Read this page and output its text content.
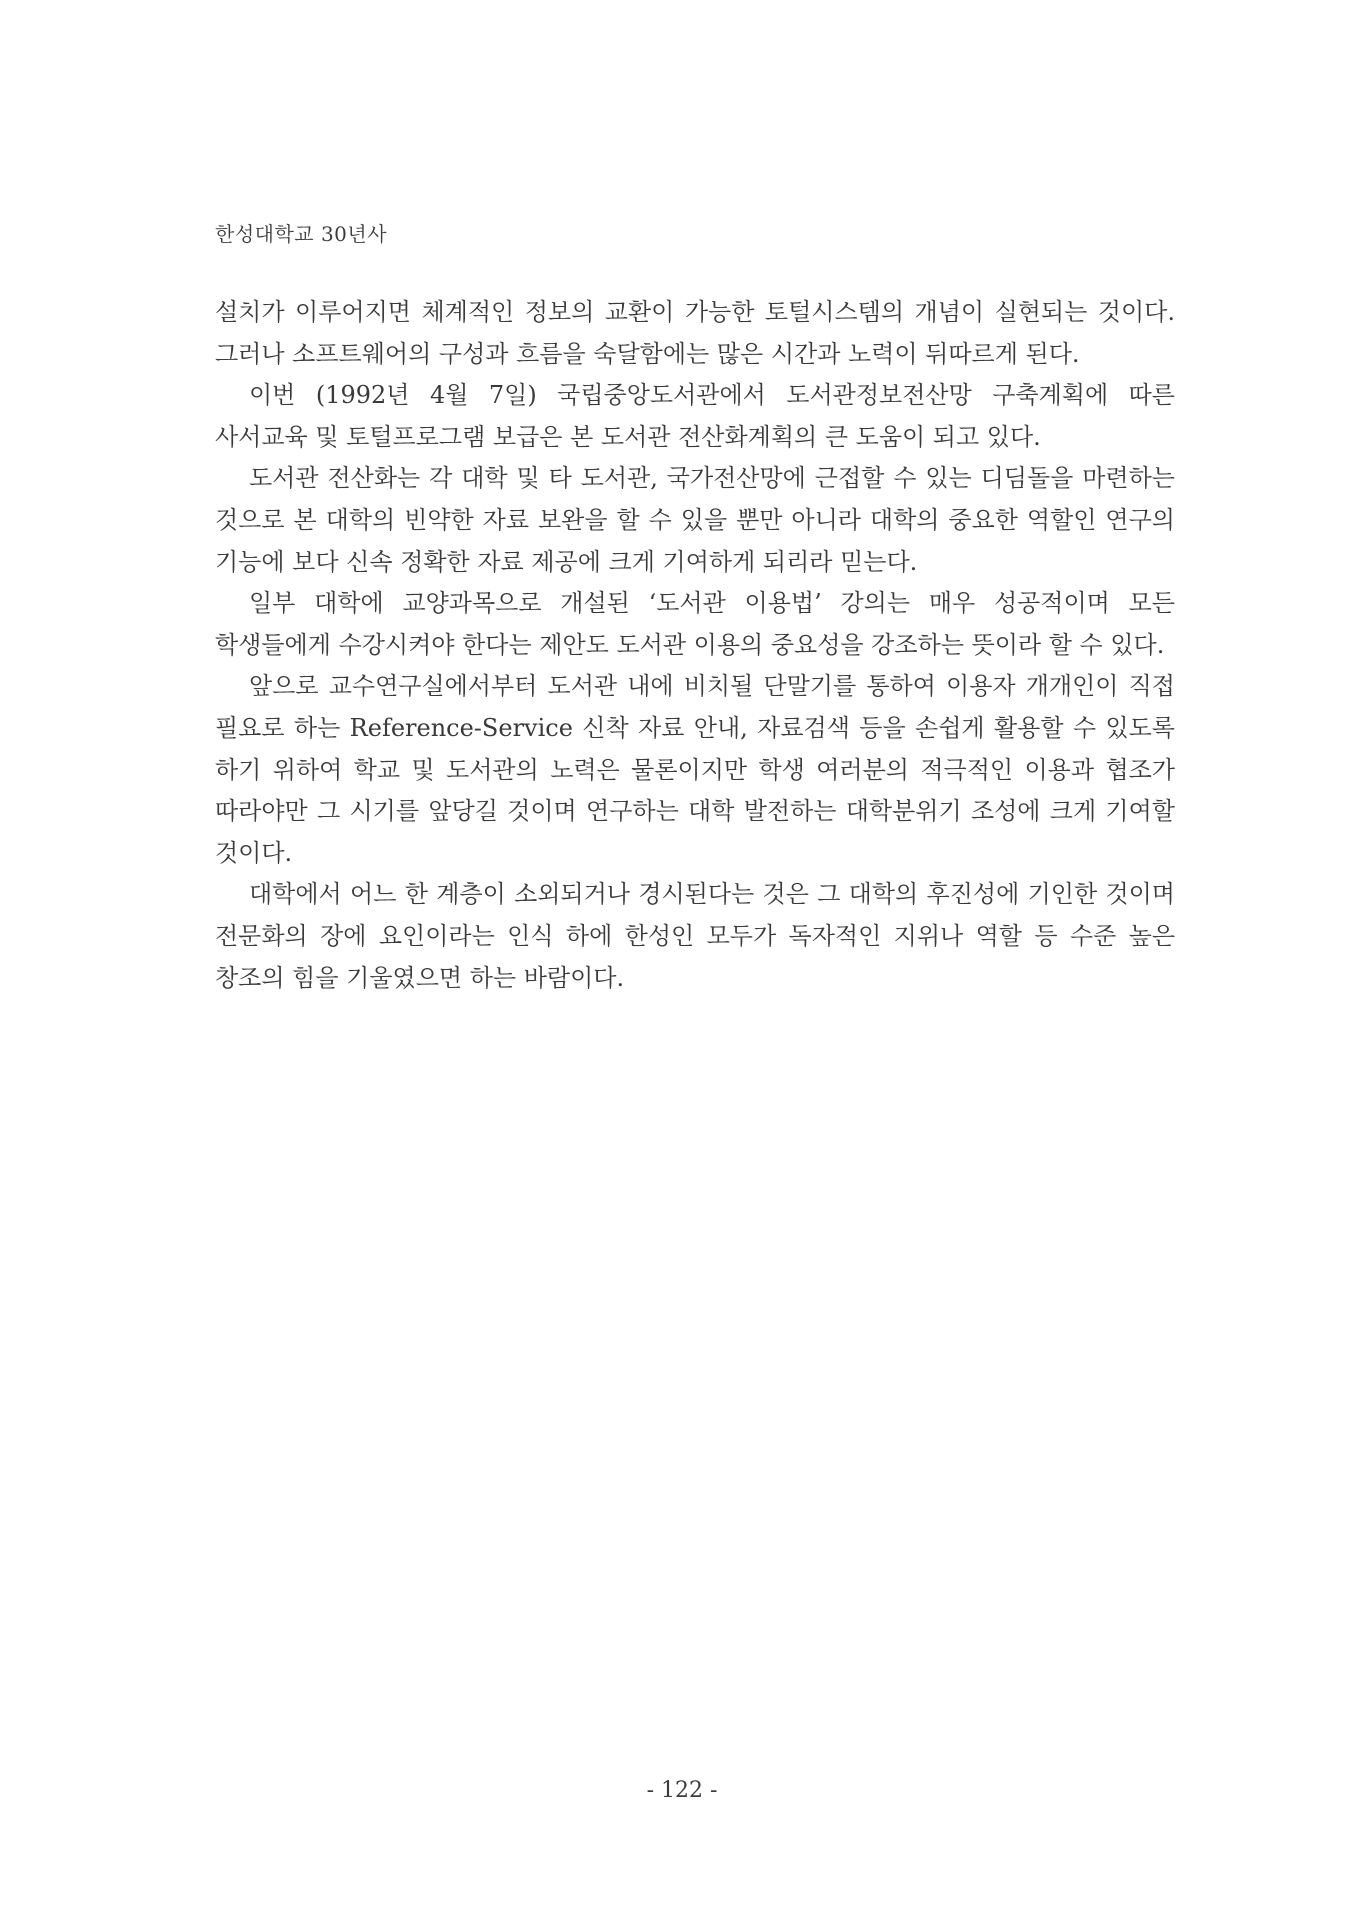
한성대학교 30년사

설치가 이루어지면 체계적인 정보의 교환이 가능한 토털시스템의 개념이 실현되는 것이다. 그러나 소프트웨어의 구성과 흐름을 숙달함에는 많은 시간과 노력이 뒤따르게 된다.

이번 (1992년 4월 7일) 국립중앙도서관에서 도서관정보전산망 구축계획에 따른 사서교육 및 토털프로그램 보급은 본 도서관 전산화계획의 큰 도움이 되고 있다.

도서관 전산화는 각 대학 및 타 도서관, 국가전산망에 근접할 수 있는 디딤돌을 마련하는 것으로 본 대학의 빈약한 자료 보완을 할 수 있을 뿐만 아니라 대학의 중요한 역할인 연구의 기능에 보다 신속 정확한 자료 제공에 크게 기여하게 되리라 믿는다.

일부 대학에 교양과목으로 개설된 ‘도서관 이용법’ 강의는 매우 성공적이며 모든 학생들에게 수강시켜야 한다는 제안도 도서관 이용의 중요성을 강조하는 뜻이라 할 수 있다.

앞으로 교수연구실에서부터 도서관 내에 비치될 단말기를 통하여 이용자 개개인이 직접 필요로 하는 Reference-Service 신착 자료 안내, 자료검색 등을 손쉽게 활용할 수 있도록 하기 위하여 학교 및 도서관의 노력은 물론이지만 학생 여러분의 적극적인 이용과 협조가 따라야만 그 시기를 앞당길 것이며 연구하는 대학 발전하는 대학분위기 조성에 크게 기여할 것이다.

대학에서 어느 한 계층이 소외되거나 경시된다는 것은 그 대학의 후진성에 기인한 것이며 전문화의 장에 요인이라는 인식 하에 한성인 모두가 독자적인 지위나 역할 등 수준 높은 창조의 힘을 기울였으면 하는 바람이다.

- 122 -
